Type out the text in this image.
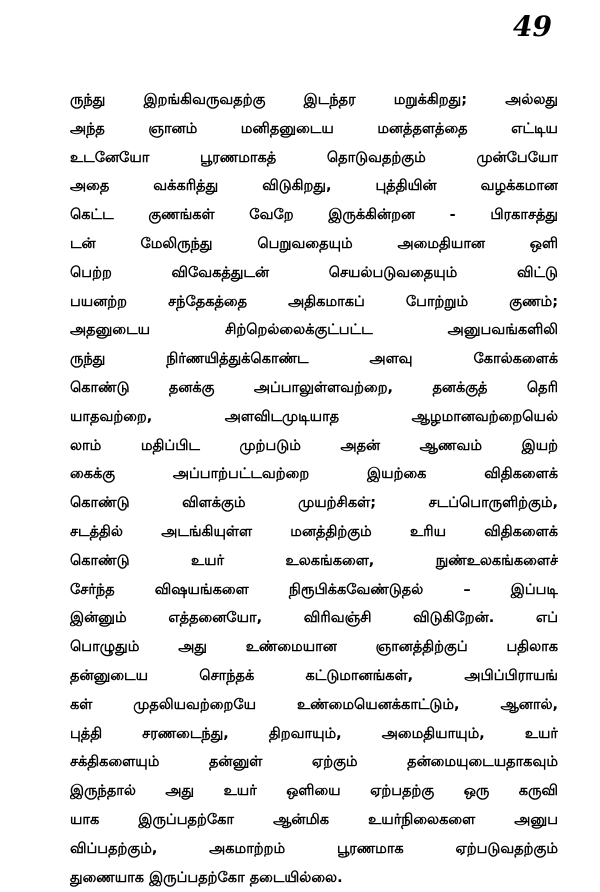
49
ருந்து இறங்கிவருவதற்கு இடந்தர மறுக்கிறது; அல்லது
அந்த ஞானம் மனிதனுடைய மனத்தளத்தை எட்டிய
உடனேயோ பூரணமாகத் தொடுவதற்கும் முன்பேயோ
அதை வக்கரித்து விடுகிறது, புத்தியின் வழக்கமான
கெட்ட குணங்கள் வேறே இருக்கின்றன - பிரகாசத்து
டன் மேலிருந்து பெறுவதையும் அமைதியான ஒளி
பெற்ற விவேகத்துடன் செயல்படுவதையும் விட்டு
பயனற்ற சந்தேகத்தை அதிகமாகப் போற்றும் குணம்;
அதனுடைய சிற்றெல்லைக்குட்பட்ட அனுபவங்களிலி
ருந்து நிர்ணயித்துக்கொண்ட அளவு கோல்களைக்
கொண்டு தனக்கு அப்பாலுள்ளவற்றை, தனக்குத் தெரி
யாதவற்றை, அளவிடமுடியாத ஆழமானவற்றையெல்
லாம் மதிப்பிட முற்படும் அதன் ஆணவம் இயற்
கைக்கு அப்பாற்பட்டவற்றை இயற்கை விதிகளைக்
கொண்டு விளக்கும் முயற்சிகள்; சடப்பொருளிற்கும்,
சடத்தில் அடங்கியுள்ள மனத்திற்கும் உரிய விதிகளைக்
கொண்டு உயர் உலகங்களை, நுண்உலகங்களைச்
சேர்ந்த விஷயங்களை நிரூபிக்கவேண்டுதல் – இப்படி
இன்னும் எத்தனையோ, விரிவஞ்சி விடுகிறேன். எப்
பொழுதும் அது உண்மையான ஞானத்திற்குப் பதிலாக
தன்னுடைய சொந்தக் கட்டுமானங்கள், அபிப்பிராயங்
கள் முதலியவற்றையே உண்மையெனக்காட்டும், ஆனால்,
புத்தி சரணடைந்து, திறவாயும், அமைதியாயும், உயர்
சக்திகளையும் தன்னுள் ஏற்கும் தன்மையுடையதாகவும்
இருந்தால் அது உயர் ஒளியை ஏற்பதற்கு ஒரு கருவி
யாக இருப்பதற்கோ ஆன்மிக உயர்நிலைகளை அனுப
விப்பதற்கும், அகமாற்றம் பூரணமாக ஏற்படுவதற்கும்
துணையாக இருப்பதற்கோ தடையில்லை.
